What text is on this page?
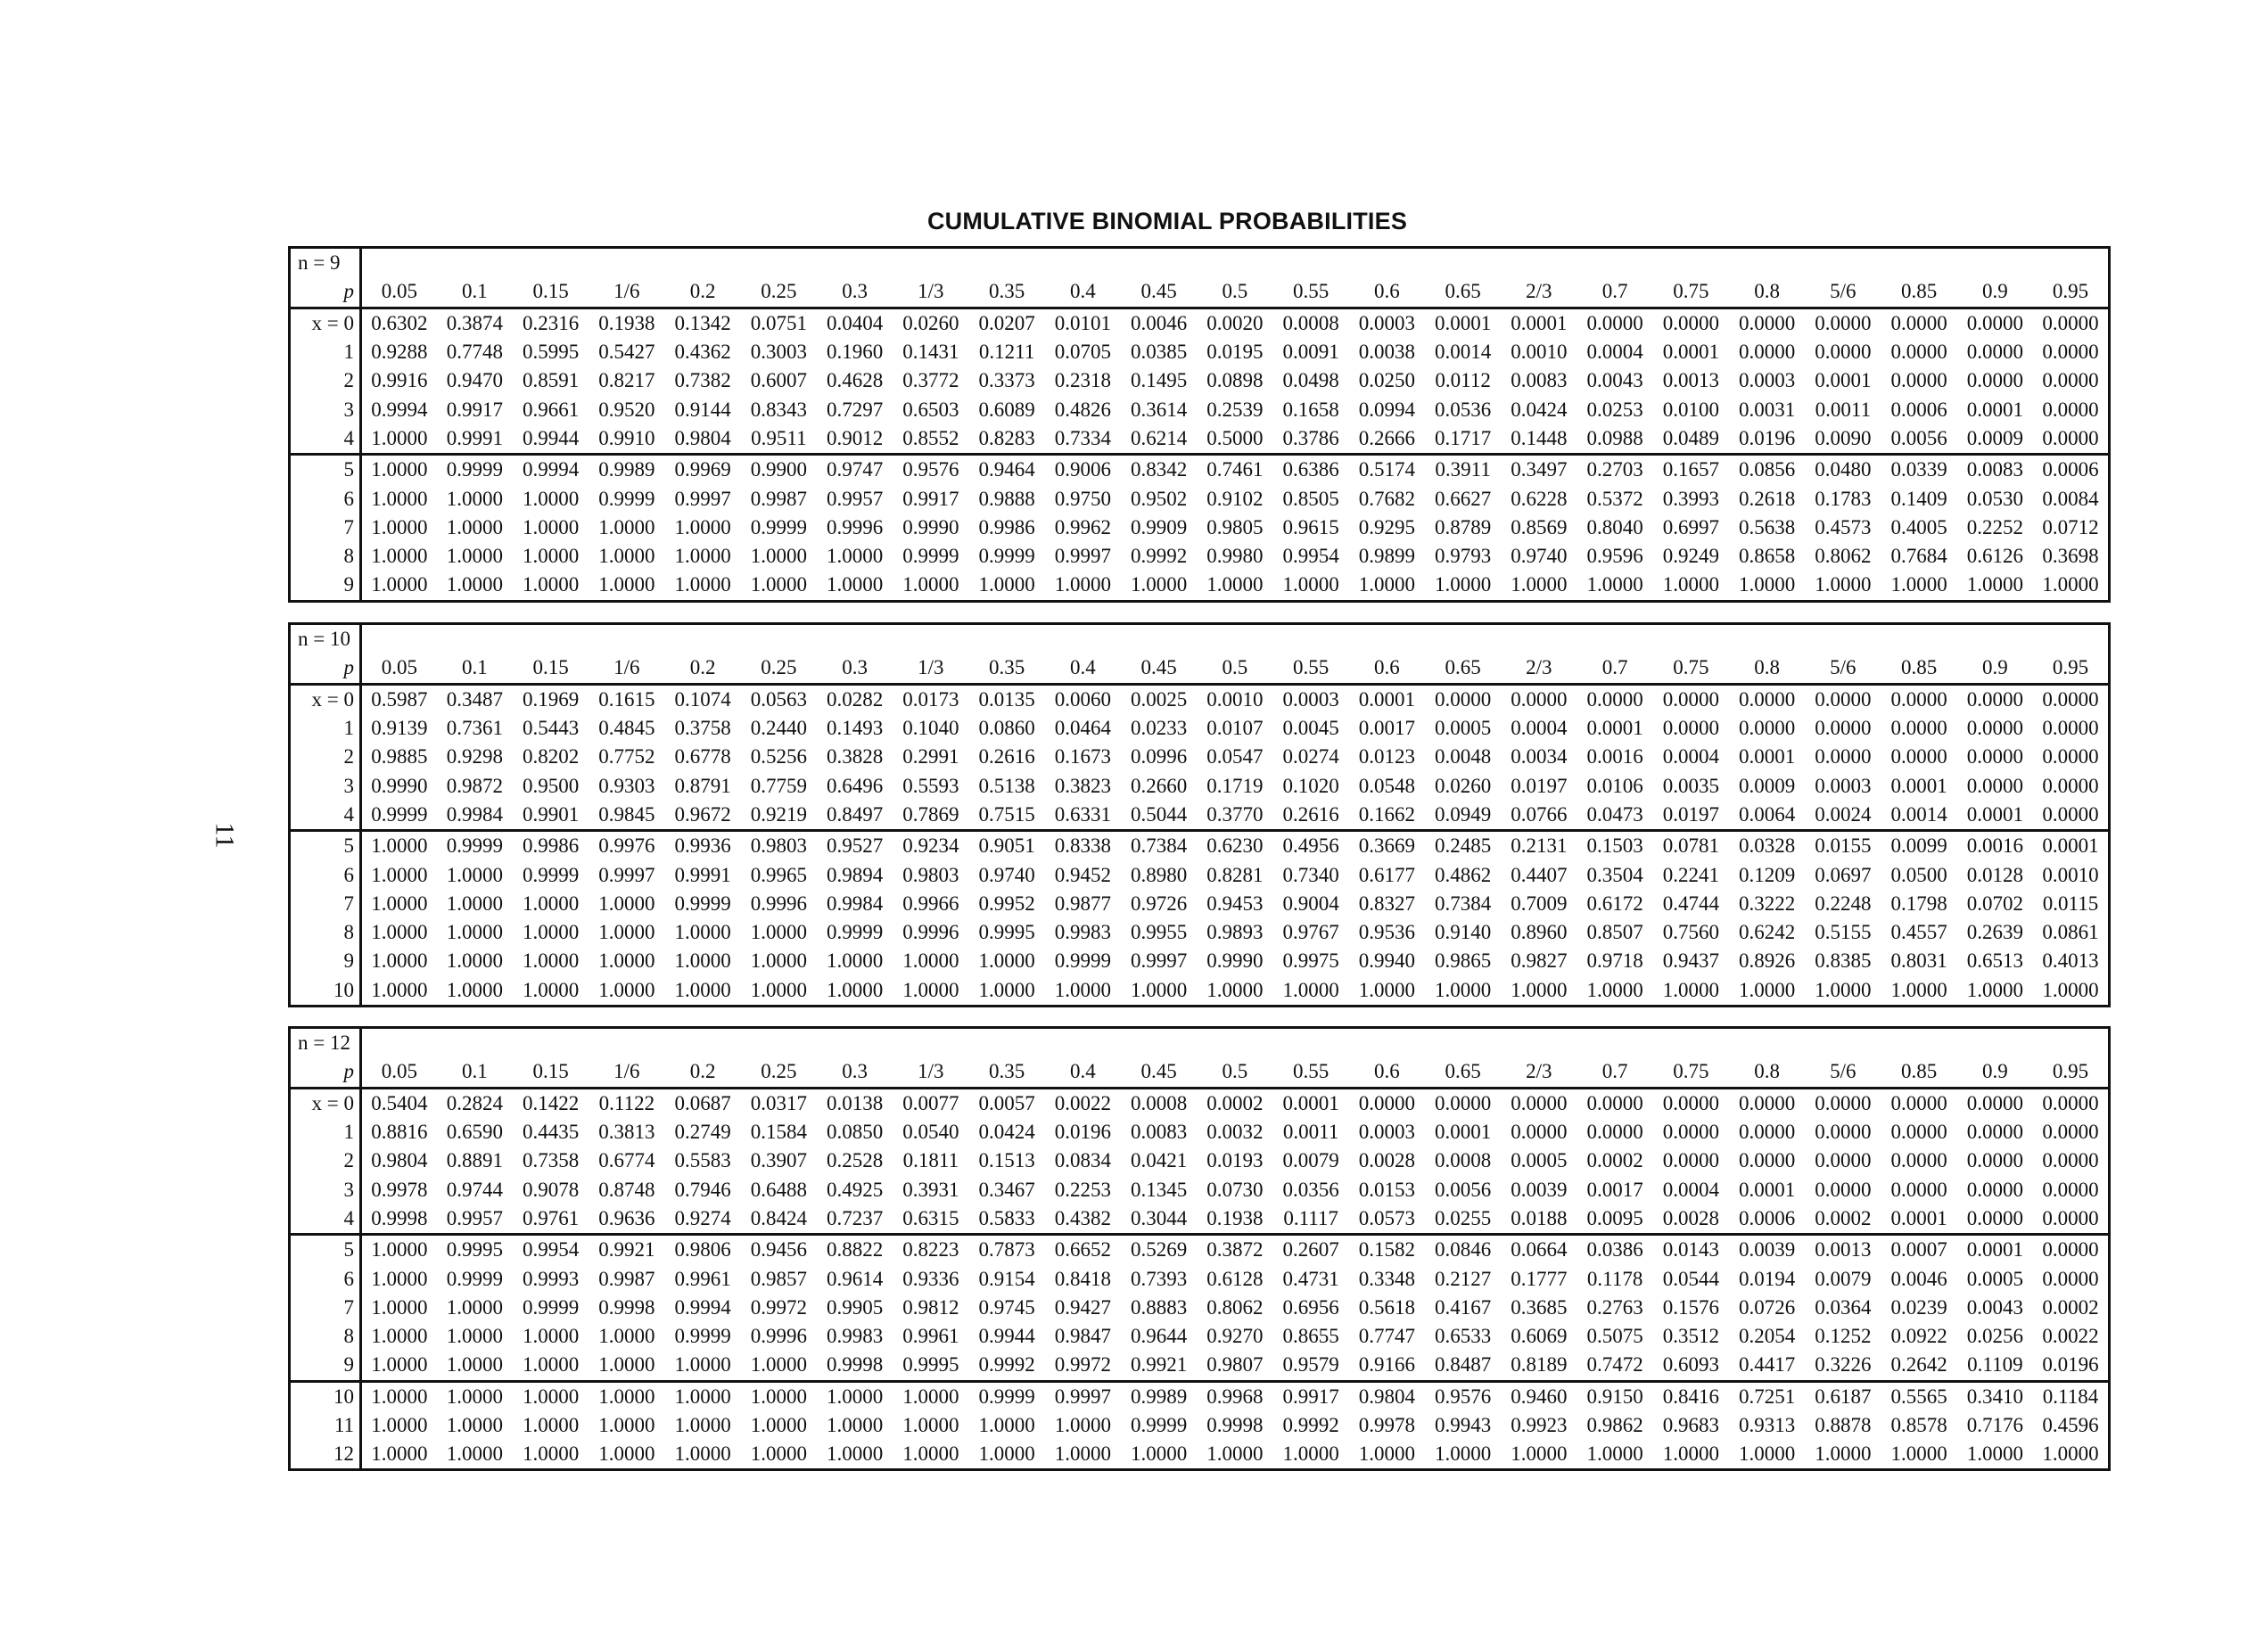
CUMULATIVE BINOMIAL PROBABILITIES
11
n = 9																							
p	0.05	0.1	0.15	1/6	0.2	0.25	0.3	1/3	0.35	0.4	0.45	0.5	0.55	0.6	0.65	2/3	0.7	0.75	0.8	5/6	0.85	0.9	0.95
x = 0	0.6302	0.3874	0.2316	0.1938	0.1342	0.0751	0.0404	0.0260	0.0207	0.0101	0.0046	0.0020	0.0008	0.0003	0.0001	0.0001	0.0000	0.0000	0.0000	0.0000	0.0000	0.0000	0.0000
1	0.9288	0.7748	0.5995	0.5427	0.4362	0.3003	0.1960	0.1431	0.1211	0.0705	0.0385	0.0195	0.0091	0.0038	0.0014	0.0010	0.0004	0.0001	0.0000	0.0000	0.0000	0.0000	0.0000
2	0.9916	0.9470	0.8591	0.8217	0.7382	0.6007	0.4628	0.3772	0.3373	0.2318	0.1495	0.0898	0.0498	0.0250	0.0112	0.0083	0.0043	0.0013	0.0003	0.0001	0.0000	0.0000	0.0000
3	0.9994	0.9917	0.9661	0.9520	0.9144	0.8343	0.7297	0.6503	0.6089	0.4826	0.3614	0.2539	0.1658	0.0994	0.0536	0.0424	0.0253	0.0100	0.0031	0.0011	0.0006	0.0001	0.0000
4	1.0000	0.9991	0.9944	0.9910	0.9804	0.9511	0.9012	0.8552	0.8283	0.7334	0.6214	0.5000	0.3786	0.2666	0.1717	0.1448	0.0988	0.0489	0.0196	0.0090	0.0056	0.0009	0.0000
5	1.0000	0.9999	0.9994	0.9989	0.9969	0.9900	0.9747	0.9576	0.9464	0.9006	0.8342	0.7461	0.6386	0.5174	0.3911	0.3497	0.2703	0.1657	0.0856	0.0480	0.0339	0.0083	0.0006
6	1.0000	1.0000	1.0000	0.9999	0.9997	0.9987	0.9957	0.9917	0.9888	0.9750	0.9502	0.9102	0.8505	0.7682	0.6627	0.6228	0.5372	0.3993	0.2618	0.1783	0.1409	0.0530	0.0084
7	1.0000	1.0000	1.0000	1.0000	1.0000	0.9999	0.9996	0.9990	0.9986	0.9962	0.9909	0.9805	0.9615	0.9295	0.8789	0.8569	0.8040	0.6997	0.5638	0.4573	0.4005	0.2252	0.0712
8	1.0000	1.0000	1.0000	1.0000	1.0000	1.0000	1.0000	0.9999	0.9999	0.9997	0.9992	0.9980	0.9954	0.9899	0.9793	0.9740	0.9596	0.9249	0.8658	0.8062	0.7684	0.6126	0.3698
9	1.0000	1.0000	1.0000	1.0000	1.0000	1.0000	1.0000	1.0000	1.0000	1.0000	1.0000	1.0000	1.0000	1.0000	1.0000	1.0000	1.0000	1.0000	1.0000	1.0000	1.0000	1.0000	1.0000
n = 10																							
p	0.05	0.1	0.15	1/6	0.2	0.25	0.3	1/3	0.35	0.4	0.45	0.5	0.55	0.6	0.65	2/3	0.7	0.75	0.8	5/6	0.85	0.9	0.95
x = 0	0.5987	0.3487	0.1969	0.1615	0.1074	0.0563	0.0282	0.0173	0.0135	0.0060	0.0025	0.0010	0.0003	0.0001	0.0000	0.0000	0.0000	0.0000	0.0000	0.0000	0.0000	0.0000	0.0000
1	0.9139	0.7361	0.5443	0.4845	0.3758	0.2440	0.1493	0.1040	0.0860	0.0464	0.0233	0.0107	0.0045	0.0017	0.0005	0.0004	0.0001	0.0000	0.0000	0.0000	0.0000	0.0000	0.0000
2	0.9885	0.9298	0.8202	0.7752	0.6778	0.5256	0.3828	0.2991	0.2616	0.1673	0.0996	0.0547	0.0274	0.0123	0.0048	0.0034	0.0016	0.0004	0.0001	0.0000	0.0000	0.0000	0.0000
3	0.9990	0.9872	0.9500	0.9303	0.8791	0.7759	0.6496	0.5593	0.5138	0.3823	0.2660	0.1719	0.1020	0.0548	0.0260	0.0197	0.0106	0.0035	0.0009	0.0003	0.0001	0.0000	0.0000
4	0.9999	0.9984	0.9901	0.9845	0.9672	0.9219	0.8497	0.7869	0.7515	0.6331	0.5044	0.3770	0.2616	0.1662	0.0949	0.0766	0.0473	0.0197	0.0064	0.0024	0.0014	0.0001	0.0000
5	1.0000	0.9999	0.9986	0.9976	0.9936	0.9803	0.9527	0.9234	0.9051	0.8338	0.7384	0.6230	0.4956	0.3669	0.2485	0.2131	0.1503	0.0781	0.0328	0.0155	0.0099	0.0016	0.0001
6	1.0000	1.0000	0.9999	0.9997	0.9991	0.9965	0.9894	0.9803	0.9740	0.9452	0.8980	0.8281	0.7340	0.6177	0.4862	0.4407	0.3504	0.2241	0.1209	0.0697	0.0500	0.0128	0.0010
7	1.0000	1.0000	1.0000	1.0000	0.9999	0.9996	0.9984	0.9966	0.9952	0.9877	0.9726	0.9453	0.9004	0.8327	0.7384	0.7009	0.6172	0.4744	0.3222	0.2248	0.1798	0.0702	0.0115
8	1.0000	1.0000	1.0000	1.0000	1.0000	1.0000	0.9999	0.9996	0.9995	0.9983	0.9955	0.9893	0.9767	0.9536	0.9140	0.8960	0.8507	0.7560	0.6242	0.5155	0.4557	0.2639	0.0861
9	1.0000	1.0000	1.0000	1.0000	1.0000	1.0000	1.0000	1.0000	1.0000	0.9999	0.9997	0.9990	0.9975	0.9940	0.9865	0.9827	0.9718	0.9437	0.8926	0.8385	0.8031	0.6513	0.4013
10	1.0000	1.0000	1.0000	1.0000	1.0000	1.0000	1.0000	1.0000	1.0000	1.0000	1.0000	1.0000	1.0000	1.0000	1.0000	1.0000	1.0000	1.0000	1.0000	1.0000	1.0000	1.0000	1.0000
n = 12																							
p	0.05	0.1	0.15	1/6	0.2	0.25	0.3	1/3	0.35	0.4	0.45	0.5	0.55	0.6	0.65	2/3	0.7	0.75	0.8	5/6	0.85	0.9	0.95
x = 0	0.5404	0.2824	0.1422	0.1122	0.0687	0.0317	0.0138	0.0077	0.0057	0.0022	0.0008	0.0002	0.0001	0.0000	0.0000	0.0000	0.0000	0.0000	0.0000	0.0000	0.0000	0.0000	0.0000
1	0.8816	0.6590	0.4435	0.3813	0.2749	0.1584	0.0850	0.0540	0.0424	0.0196	0.0083	0.0032	0.0011	0.0003	0.0001	0.0000	0.0000	0.0000	0.0000	0.0000	0.0000	0.0000	0.0000
2	0.9804	0.8891	0.7358	0.6774	0.5583	0.3907	0.2528	0.1811	0.1513	0.0834	0.0421	0.0193	0.0079	0.0028	0.0008	0.0005	0.0002	0.0000	0.0000	0.0000	0.0000	0.0000	0.0000
3	0.9978	0.9744	0.9078	0.8748	0.7946	0.6488	0.4925	0.3931	0.3467	0.2253	0.1345	0.0730	0.0356	0.0153	0.0056	0.0039	0.0017	0.0004	0.0001	0.0000	0.0000	0.0000	0.0000
4	0.9998	0.9957	0.9761	0.9636	0.9274	0.8424	0.7237	0.6315	0.5833	0.4382	0.3044	0.1938	0.1117	0.0573	0.0255	0.0188	0.0095	0.0028	0.0006	0.0002	0.0001	0.0000	0.0000
5	1.0000	0.9995	0.9954	0.9921	0.9806	0.9456	0.8822	0.8223	0.7873	0.6652	0.5269	0.3872	0.2607	0.1582	0.0846	0.0664	0.0386	0.0143	0.0039	0.0013	0.0007	0.0001	0.0000
6	1.0000	0.9999	0.9993	0.9987	0.9961	0.9857	0.9614	0.9336	0.9154	0.8418	0.7393	0.6128	0.4731	0.3348	0.2127	0.1777	0.1178	0.0544	0.0194	0.0079	0.0046	0.0005	0.0000
7	1.0000	1.0000	0.9999	0.9998	0.9994	0.9972	0.9905	0.9812	0.9745	0.9427	0.8883	0.8062	0.6956	0.5618	0.4167	0.3685	0.2763	0.1576	0.0726	0.0364	0.0239	0.0043	0.0002
8	1.0000	1.0000	1.0000	1.0000	0.9999	0.9996	0.9983	0.9961	0.9944	0.9847	0.9644	0.9270	0.8655	0.7747	0.6533	0.6069	0.5075	0.3512	0.2054	0.1252	0.0922	0.0256	0.0022
9	1.0000	1.0000	1.0000	1.0000	1.0000	1.0000	0.9998	0.9995	0.9992	0.9972	0.9921	0.9807	0.9579	0.9166	0.8487	0.8189	0.7472	0.6093	0.4417	0.3226	0.2642	0.1109	0.0196
10	1.0000	1.0000	1.0000	1.0000	1.0000	1.0000	1.0000	1.0000	0.9999	0.9997	0.9989	0.9968	0.9917	0.9804	0.9576	0.9460	0.9150	0.8416	0.7251	0.6187	0.5565	0.3410	0.1184
11	1.0000	1.0000	1.0000	1.0000	1.0000	1.0000	1.0000	1.0000	1.0000	1.0000	0.9999	0.9998	0.9992	0.9978	0.9943	0.9923	0.9862	0.9683	0.9313	0.8878	0.8578	0.7176	0.4596
12	1.0000	1.0000	1.0000	1.0000	1.0000	1.0000	1.0000	1.0000	1.0000	1.0000	1.0000	1.0000	1.0000	1.0000	1.0000	1.0000	1.0000	1.0000	1.0000	1.0000	1.0000	1.0000	1.0000
